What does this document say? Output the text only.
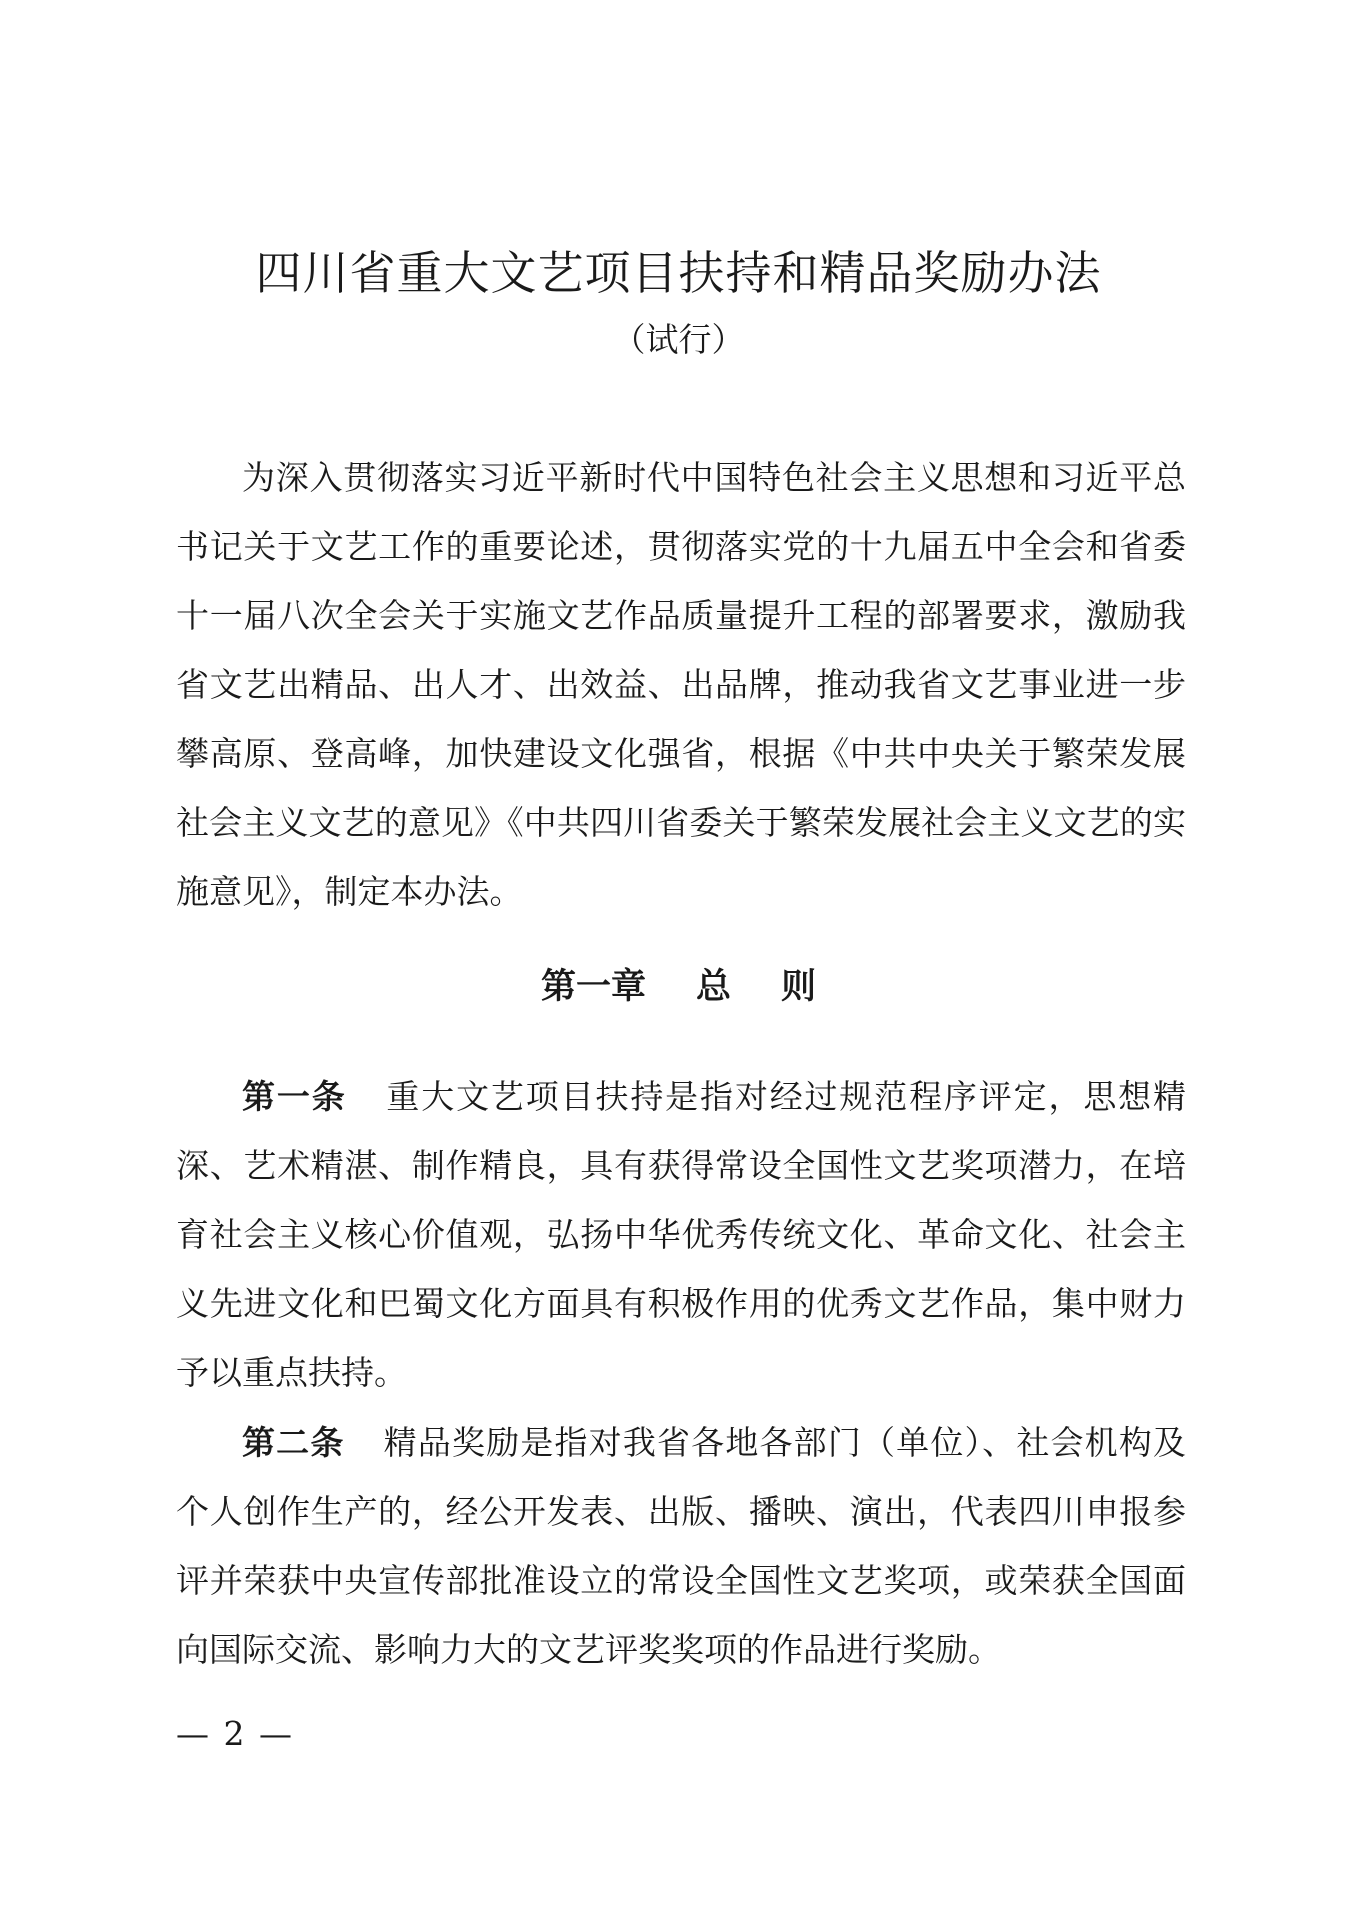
四川省重大文艺项目扶持和精品奖励办法
（试行）

为深入贯彻落实习近平新时代中国特色社会主义思想和习近平总书记关于文艺工作的重要论述，贯彻落实党的十九届五中全会和省委十一届八次全会关于实施文艺作品质量提升工程的部署要求，激励我省文艺出精品、出人才、出效益、出品牌，推动我省文艺事业进一步攀高原、登高峰，加快建设文化强省，根据《中共中央关于繁荣发展社会主义文艺的意见》《中共四川省委关于繁荣发展社会主义文艺的实施意见》，制定本办法。

第一章 总 则

第一条 重大文艺项目扶持是指对经过规范程序评定，思想精深、艺术精湛、制作精良，具有获得常设全国性文艺奖项潜力，在培育社会主义核心价值观，弘扬中华优秀传统文化、革命文化、社会主义先进文化和巴蜀文化方面具有积极作用的优秀文艺作品，集中财力予以重点扶持。

第二条 精品奖励是指对我省各地各部门（单位）、社会机构及个人创作生产的，经公开发表、出版、播映、演出，代表四川申报参评并荣获中央宣传部批准设立的常设全国性文艺奖项，或荣获全国面向国际交流、影响力大的文艺评奖奖项的作品进行奖励。

— 2 —
